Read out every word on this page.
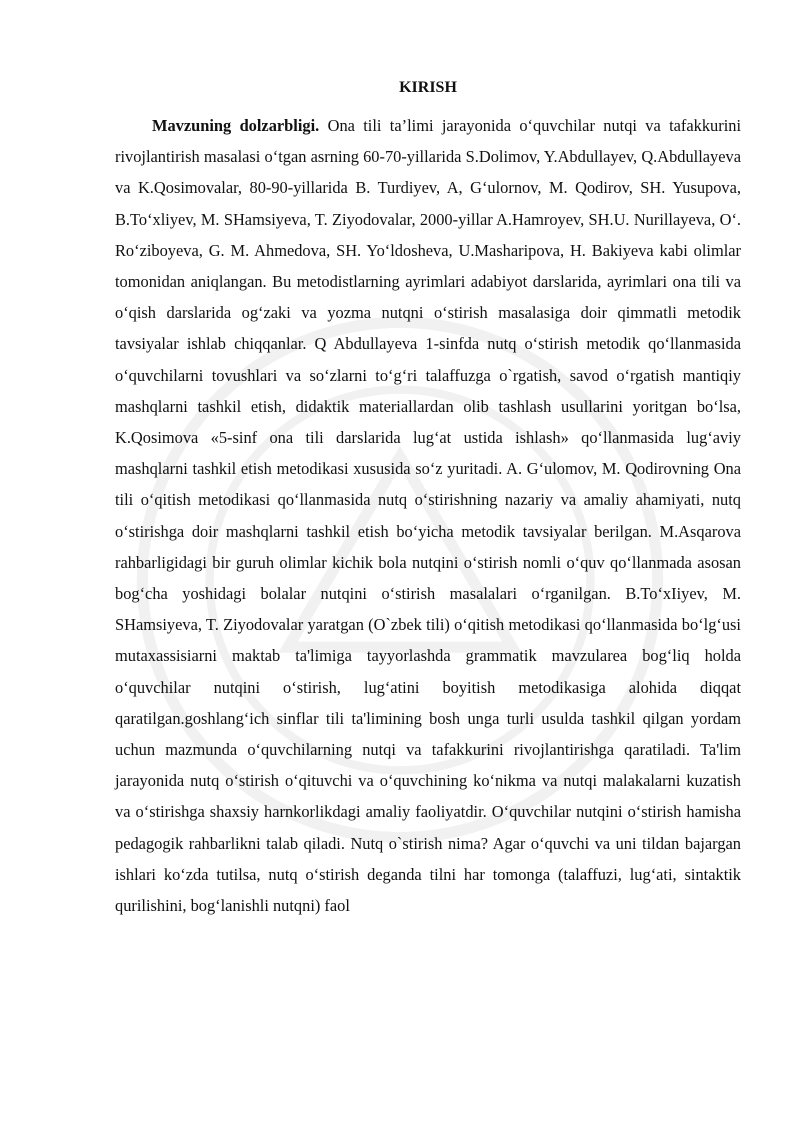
KIRISH

Mavzuning dolzarbligi. Ona tili ta’limi jarayonida o‘quvchilar nutqi va tafakkurini rivojlantirish masalasi o‘tgan asrning 60-70-yillarida S.Dolimov, Y.Abdullayev, Q.Abdullayeva va K.Qosimovalar, 80-90-yillarida B. Turdiyev, A, G‘ulornov, M. Qodirov, SH. Yusupova, B.To‘xliyev, M. SHamsiyeva, T. Ziyodovalar, 2000-yillar A.Hamroyev, SH.U. Nurillayeva, O‘. Ro‘ziboyeva, G. M. Ahmedova, SH. Yo‘ldosheva, U.Masharipova, H. Bakiyeva kabi olimlar tomonidan aniqlangan. Bu metodistlarning ayrimlari adabiyot darslarida, ayrimlari ona tili va o‘qish darslarida og‘zaki va yozma nutqni o‘stirish masalasiga doir qimmatli metodik tavsiyalar ishlab chiqqanlar. Q Abdullayeva 1-sinfda nutq o‘stirish metodik qo‘llanmasida o‘quvchilarni tovushlari va so‘zlarni to‘g‘ri talaffuzga o`rgatish, savod o‘rgatish mantiqiy mashqlarni tashkil etish, didaktik materiallardan olib tashlash usullarini yoritgan bo‘lsa, K.Qosimova «5-sinf ona tili darslarida lug‘at ustida ishlash» qo‘llanmasida lug‘aviy mashqlarni tashkil etish metodikasi xususida so‘z yuritadi. A. G‘ulomov, M. Qodirovning Ona tili o‘qitish metodikasi qo‘llanmasida nutq o‘stirishning nazariy va amaliy ahamiyati, nutq o‘stirishga doir mashqlarni tashkil etish bo‘yicha metodik tavsiyalar berilgan. M.Asqarova rahbarligidagi bir guruh olimlar kichik bola nutqini o‘stirish nomli o‘quv qo‘llanmada asosan bog‘cha yoshidagi bolalar nutqini o‘stirish masalalari o‘rganilgan. B.To‘xIiyev, M. SHamsiyeva, T. Ziyodovalar yaratgan (O`zbek tili) o‘qitish metodikasi qo‘llanmasida bo‘lg‘usi mutaxassisiarni maktab ta'limiga tayyorlashda grammatik mavzularea bog‘liq holda o‘quvchilar nutqini o‘stirish, lug‘atini boyitish metodikasiga alohida diqqat qaratilgan.goshlang‘ich sinflar tili ta'limining bosh unga turli usulda tashkil qilgan yordam uchun mazmunda o‘quvchilarning nutqi va tafakkurini rivojlantirishga qaratiladi. Ta'lim jarayonida nutq o‘stirish o‘qituvchi va o‘quvchining ko‘nikma va nutqi malakalarni kuzatish va o‘stirishga shaxsiy harnkorlikdagi amaliy faoliyatdir. O‘quvchilar nutqini o‘stirish hamisha pedagogik rahbarlikni talab qiladi. Nutq o`stirish nima? Agar o‘quvchi va uni tildan bajargan ishlari ko‘zda tutilsa, nutq o‘stirish deganda tilni har tomonga (talaffuzi, lug‘ati, sintaktik qurilishini, bog‘lanishli nutqni) faol
